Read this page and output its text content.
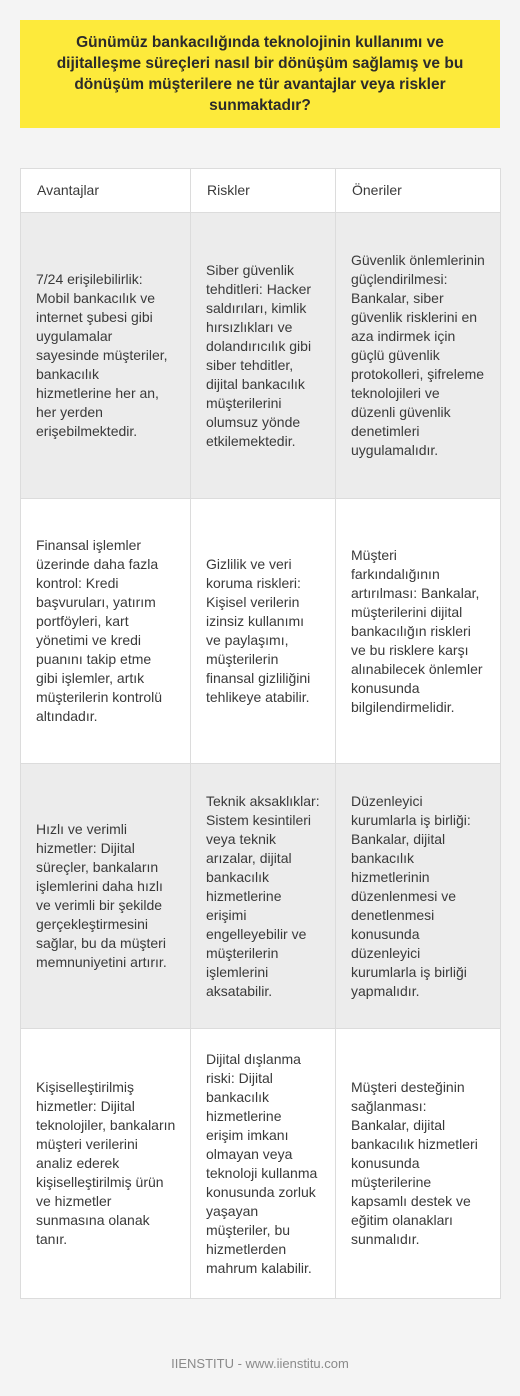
Günümüz bankacılığında teknolojinin kullanımı ve dijitalleşme süreçleri nasıl bir dönüşüm sağlamış ve bu dönüşüm müşterilere ne tür avantajlar veya riskler sunmaktadır?
Avantajlar	Riskler	Öneriler
7/24 erişilebilirlik: Mobil bankacılık ve internet şubesi gibi uygulamalar sayesinde müşteriler, bankacılık hizmetlerine her an, her yerden erişebilmektedir.	Siber güvenlik tehditleri: Hacker saldırıları, kimlik hırsızlıkları ve dolandırıcılık gibi siber tehditler, dijital bankacılık müşterilerini olumsuz yönde etkilemektedir.	Güvenlik önlemlerinin güçlendirilmesi: Bankalar, siber güvenlik risklerini en aza indirmek için güçlü güvenlik protokolleri, şifreleme teknolojileri ve düzenli güvenlik denetimleri uygulamalıdır.
Finansal işlemler üzerinde daha fazla kontrol: Kredi başvuruları, yatırım portföyleri, kart yönetimi ve kredi puanını takip etme gibi işlemler, artık müşterilerin kontrolü altındadır.	Gizlilik ve veri koruma riskleri: Kişisel verilerin izinsiz kullanımı ve paylaşımı, müşterilerin finansal gizliliğini tehlikeye atabilir.	Müşteri farkındalığının artırılması: Bankalar, müşterilerini dijital bankacılığın riskleri ve bu risklere karşı alınabilecek önlemler konusunda bilgilendirmelidir.
Hızlı ve verimli hizmetler: Dijital süreçler, bankaların işlemlerini daha hızlı ve verimli bir şekilde gerçekleştirmesini sağlar, bu da müşteri memnuniyetini artırır.	Teknik aksaklıklar: Sistem kesintileri veya teknik arızalar, dijital bankacılık hizmetlerine erişimi engelleyebilir ve müşterilerin işlemlerini aksatabilir.	Düzenleyici kurumlarla iş birliği: Bankalar, dijital bankacılık hizmetlerinin düzenlenmesi ve denetlenmesi konusunda düzenleyici kurumlarla iş birliği yapmalıdır.
Kişiselleştirilmiş hizmetler: Dijital teknolojiler, bankaların müşteri verilerini analiz ederek kişiselleştirilmiş ürün ve hizmetler sunmasına olanak tanır.	Dijital dışlanma riski: Dijital bankacılık hizmetlerine erişim imkanı olmayan veya teknoloji kullanma konusunda zorluk yaşayan müşteriler, bu hizmetlerden mahrum kalabilir.	Müşteri desteğinin sağlanması: Bankalar, dijital bankacılık hizmetleri konusunda müşterilerine kapsamlı destek ve eğitim olanakları sunmalıdır.
IIENSTITU - www.iienstitu.com
